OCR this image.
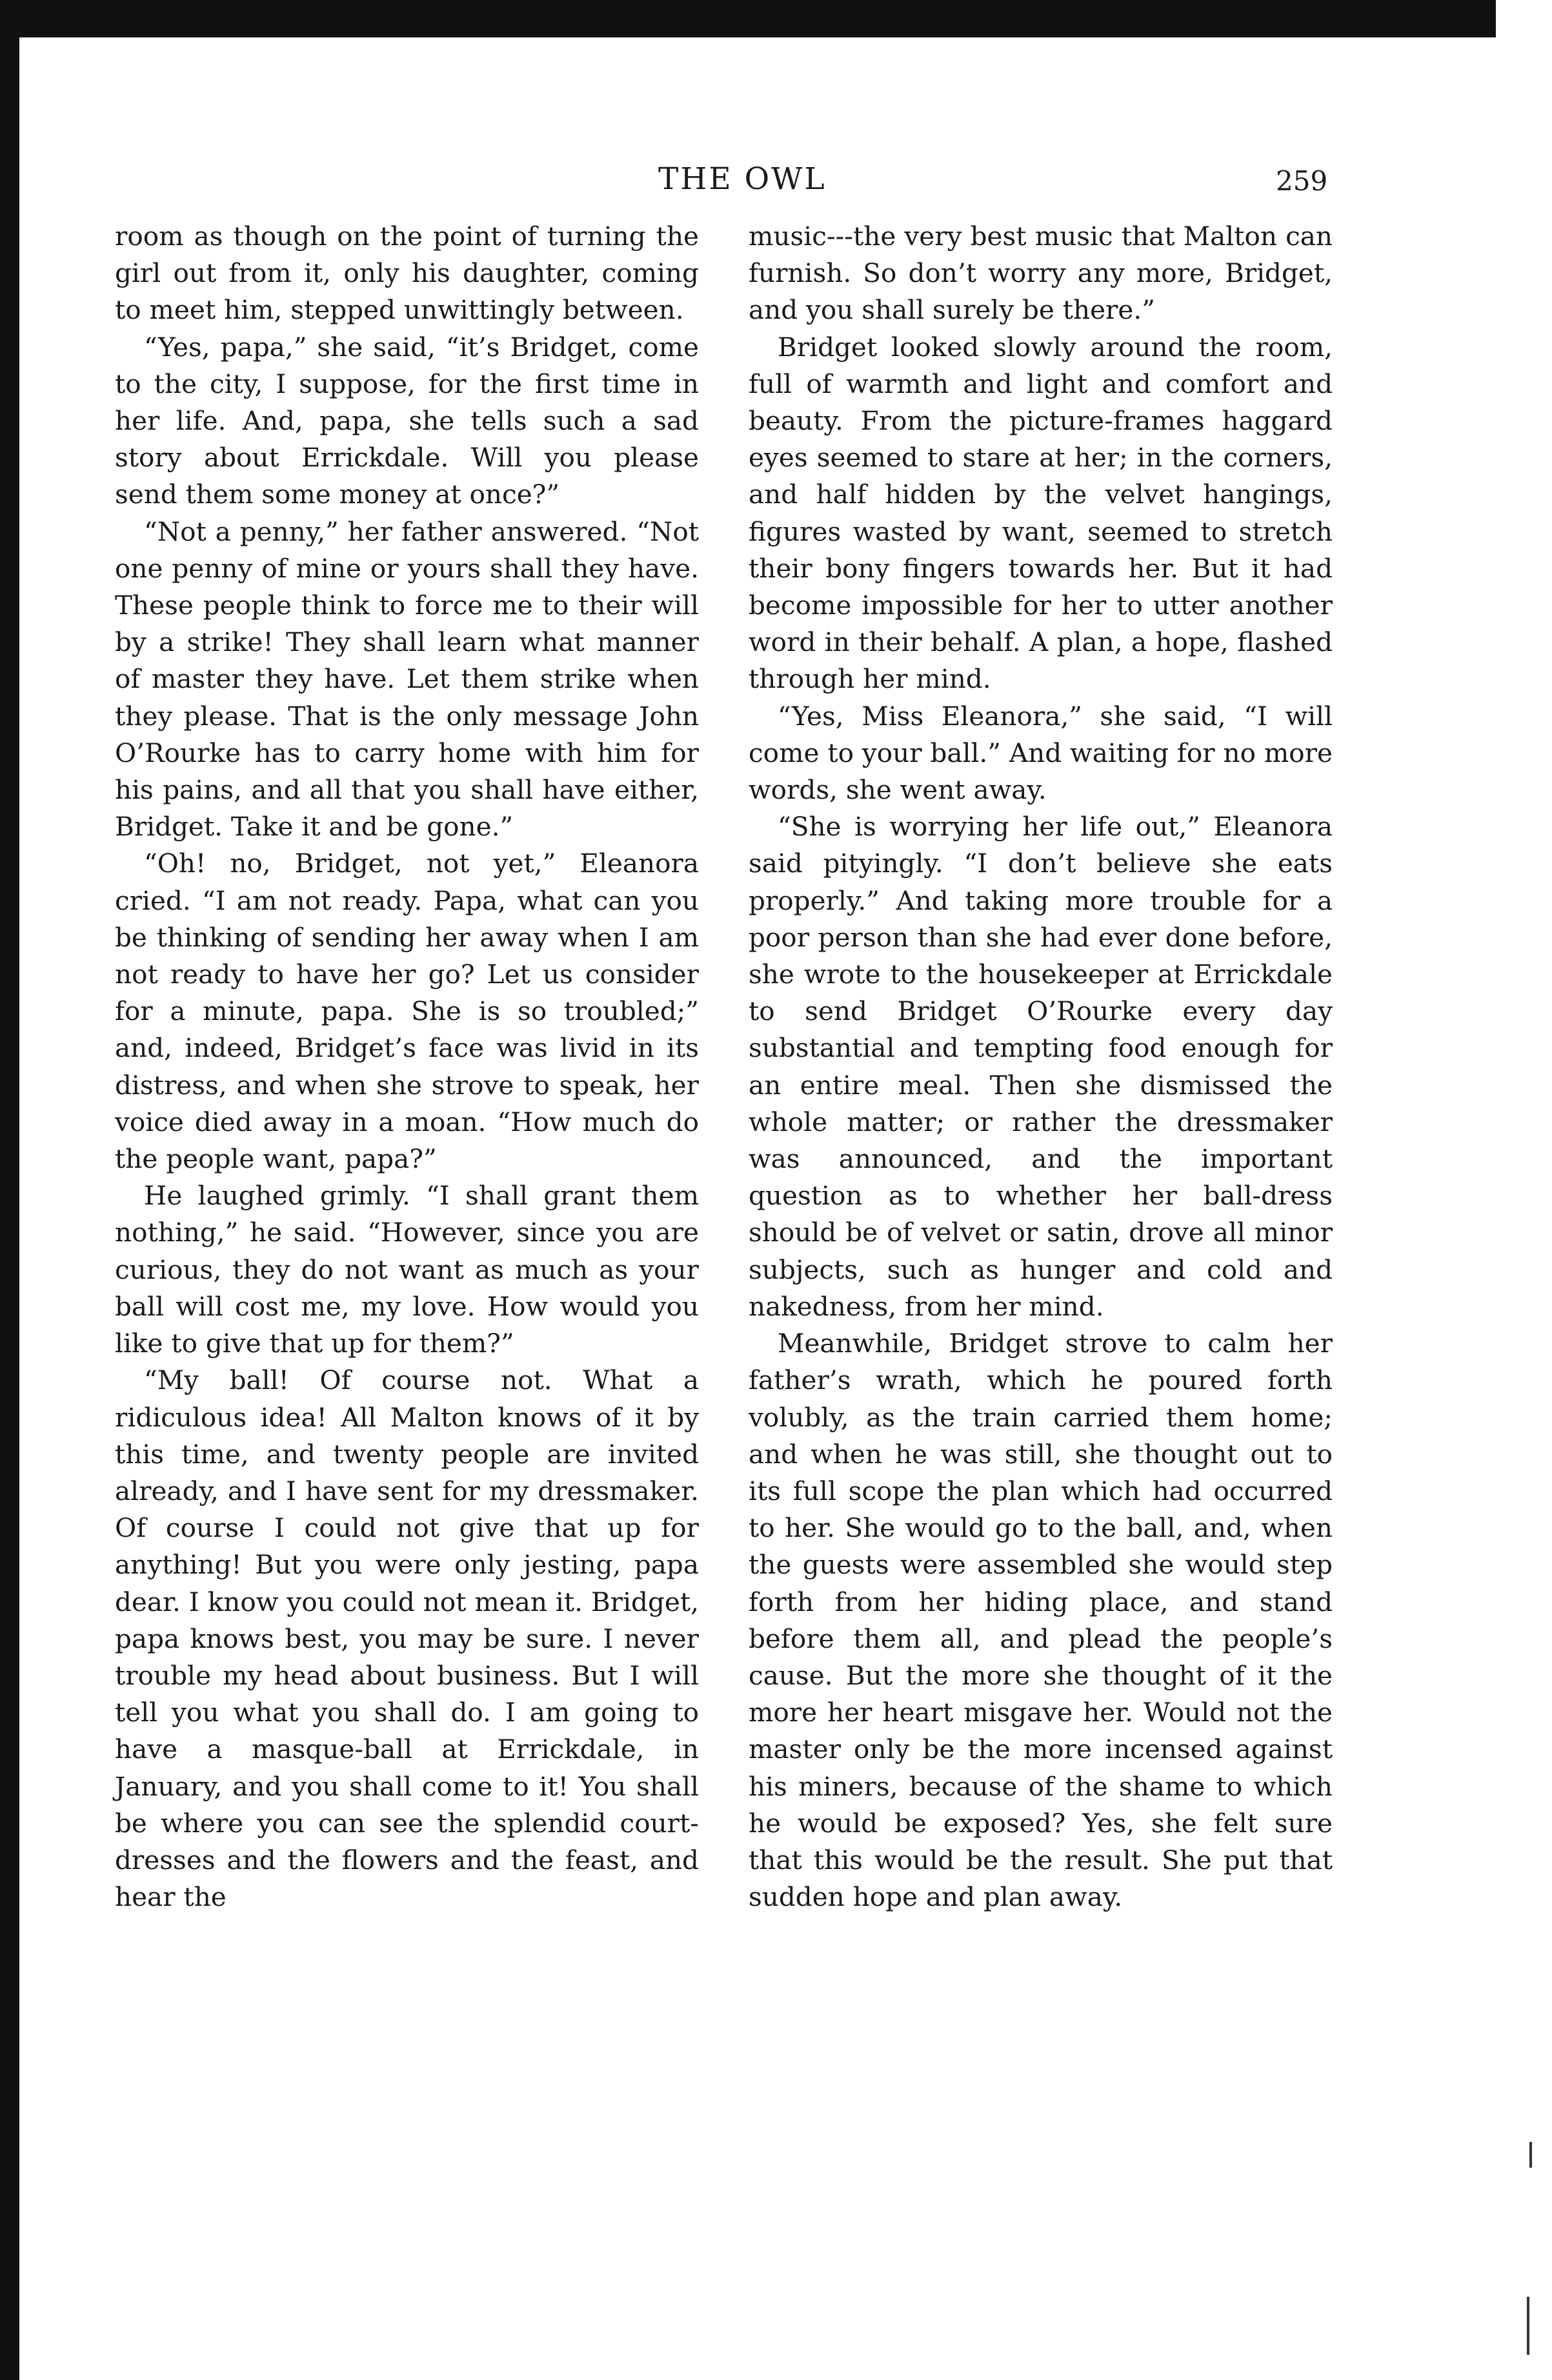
THE OWL	259

room as though on the point of turning the girl out from it, only his daughter, coming to meet him, stepped unwittingly between.

“Yes, papa,” she said, “it’s Bridget, come to the city, I suppose, for the first time in her life. And, papa, she tells such a sad story about Errickdale. Will you please send them some money at once?”

“Not a penny,” her father answered. “Not one penny of mine or yours shall they have. These people think to force me to their will by a strike! They shall learn what manner of master they have. Let them strike when they please. That is the only message John O’Rourke has to carry home with him for his pains, and all that you shall have either, Bridget. Take it and be gone.”

“Oh! no, Bridget, not yet,” Eleanora cried. “I am not ready. Papa, what can you be thinking of sending her away when I am not ready to have her go? Let us consider for a minute, papa. She is so troubled;” and, indeed, Bridget’s face was livid in its distress, and when she strove to speak, her voice died away in a moan. “How much do the people want, papa?”

He laughed grimly. “I shall grant them nothing,” he said. “However, since you are curious, they do not want as much as your ball will cost me, my love. How would you like to give that up for them?”

“My ball! Of course not. What a ridiculous idea! All Malton knows of it by this time, and twenty people are invited already, and I have sent for my dressmaker. Of course I could not give that up for anything! But you were only jesting, papa dear. I know you could not mean it. Bridget, papa knows best, you may be sure. I never trouble my head about business. But I will tell you what you shall do. I am going to have a masque-ball at Errickdale, in January, and you shall come to it! You shall be where you can see the splendid court-dresses and the flowers and the feast, and hear the

music---the very best music that Malton can furnish. So don’t worry any more, Bridget, and you shall surely be there.”

Bridget looked slowly around the room, full of warmth and light and comfort and beauty. From the picture-frames haggard eyes seemed to stare at her; in the corners, and half hidden by the velvet hangings, figures wasted by want, seemed to stretch their bony fingers towards her. But it had become impossible for her to utter another word in their behalf. A plan, a hope, flashed through her mind.

“Yes, Miss Eleanora,” she said, “I will come to your ball.” And waiting for no more words, she went away.

“She is worrying her life out,” Eleanora said pityingly. “I don’t believe she eats properly.” And taking more trouble for a poor person than she had ever done before, she wrote to the housekeeper at Errickdale to send Bridget O’Rourke every day substantial and tempting food enough for an entire meal. Then she dismissed the whole matter; or rather the dressmaker was announced, and the important question as to whether her ball-dress should be of velvet or satin, drove all minor subjects, such as hunger and cold and nakedness, from her mind.

Meanwhile, Bridget strove to calm her father’s wrath, which he poured forth volubly, as the train carried them home; and when he was still, she thought out to its full scope the plan which had occurred to her. She would go to the ball, and, when the guests were assembled she would step forth from her hiding place, and stand before them all, and plead the people’s cause. But the more she thought of it the more her heart misgave her. Would not the master only be the more incensed against his miners, because of the shame to which he would be exposed? Yes, she felt sure that this would be the result. She put that sudden hope and plan away.
